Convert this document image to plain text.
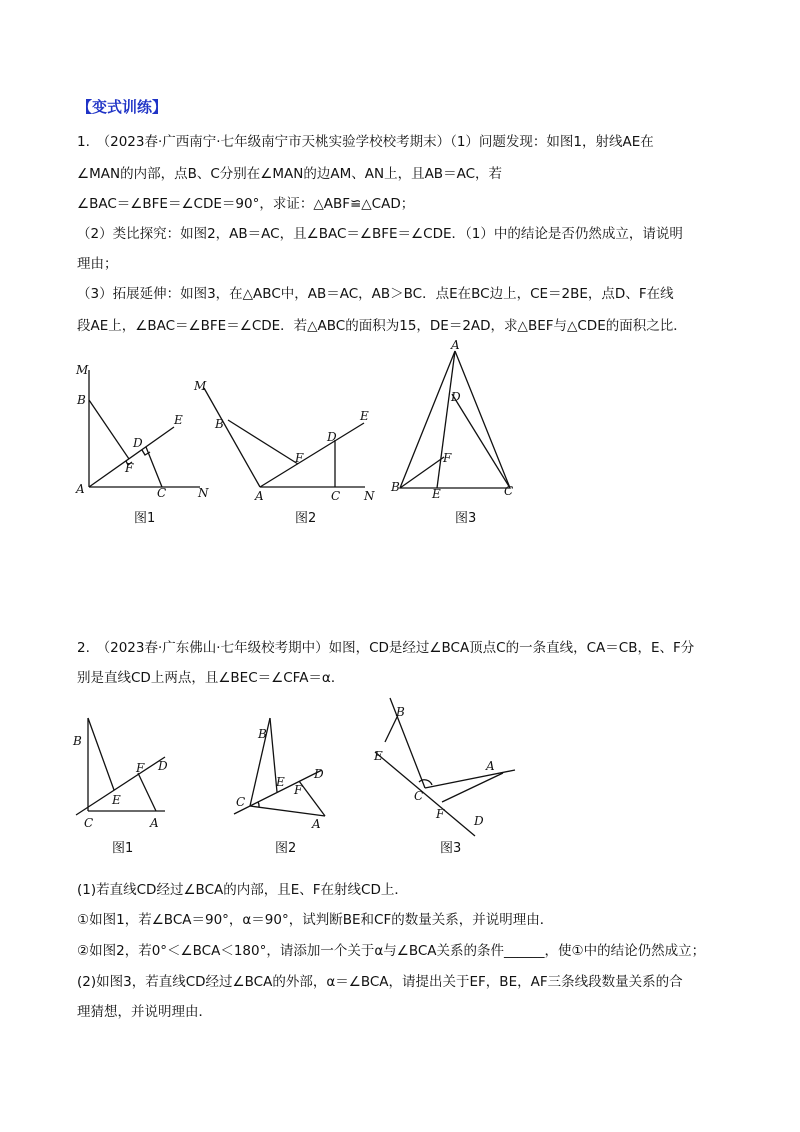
【变式训练】
1.　（2023春·广西南宁·七年级南宁市天桃实验学校校考期末）（1）问题发现：如图1，射线AE在
∠MAN的内部，点B、C分别在∠MAN的边AM、AN上，且AB＝AC，若
∠BAC＝∠BFE＝∠CDE＝90°，求证：△ABF≌△CAD；
（2）类比探究：如图2，AB＝AC，且∠BAC＝∠BFE＝∠CDE．（1）中的结论是否仍然成立，请说明
理由；
（3）拓展延伸：如图3，在△ABC中，AB＝AC，AB＞BC．点E在BC边上，CE＝2BE，点D、F在线
段AE上，∠BAC＝∠BFE＝∠CDE．若△ABC的面积为15，DE＝2AD，求△BEF与△CDE的面积之比．
M
B
E
D
F
A	C	N
图1
M
B
E
D
F
A	C N
图2
A
D
F
B	E	C
图3
2.　（2023春·广东佛山·七年级校考期中）如图，CD是经过∠BCA顶点C的一条直线，CA＝CB，E、F分
别是直线CD上两点，且∠BEC＝∠CFA＝α．
B
F D
E
C	A
图1
B
E
D
C
F
A
图2
B
E
A
C
F D
图3
(1)若直线CD经过∠BCA的内部，且E、F在射线CD上．
①如图1，若∠BCA＝90°，α＝90°，试判断BE和CF的数量关系，并说明理由．
②如图2，若0°＜∠BCA＜180°，请添加一个关于α与∠BCA关系的条件______，使①中的结论仍然成立；
(2)如图3，若直线CD经过∠BCA的外部，α＝∠BCA，请提出关于EF，BE，AF三条线段数量关系的合
理猜想，并说明理由．
